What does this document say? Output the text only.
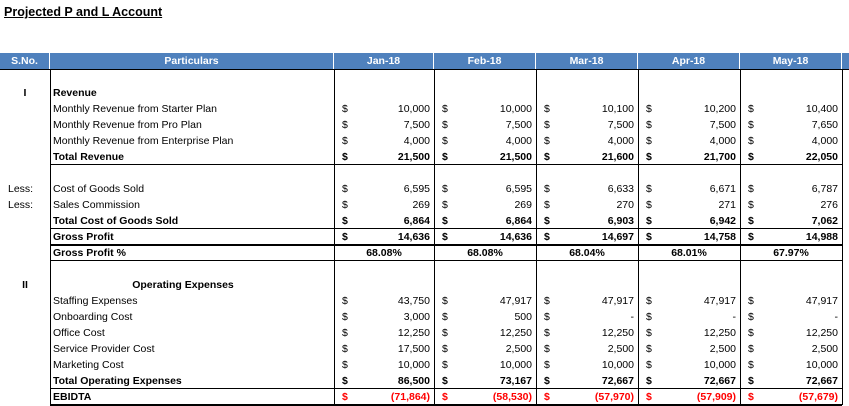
Projected P and L Account
S.No.	Particulars	Jan-18	Feb-18	Mar-18	Apr-18	May-18
I	Revenue
Monthly Revenue from Starter Plan	$	10,000 $	10,000 $	10,100 $	10,200 $	10,400
Monthly Revenue from Pro Plan	$	7,500 $	7,500 $	7,500 $	7,500 $	7,650
Monthly Revenue from Enterprise Plan	$	4,000 $	4,000 $	4,000 $	4,000 $	4,000
Total Revenue	$	21,500 $	21,500 $	21,600 $	21,700 $	22,050
Less:	Cost of Goods Sold	$	6,595 $	6,595 $	6,633 $	6,671 $	6,787
Less:	Sales Commission	$	269 $	269 $	270 $	271 $	276
Total Cost of Goods Sold	$	6,864 $	6,864 $	6,903 $	6,942 $	7,062
Gross Profit	$	14,636 $	14,636 $	14,697 $	14,758 $	14,988
Gross Profit %	68.08%	68.08%	68.04%	68.01%	67.97%
II	Operating Expenses
Staffing Expenses	$	43,750 $	47,917 $	47,917 $	47,917 $	47,917
Onboarding Cost	$	3,000 $	500 $	- $	- $	-
Office Cost	$	12,250 $	12,250 $	12,250 $	12,250 $	12,250
Service Provider Cost	$	17,500 $	2,500 $	2,500 $	2,500 $	2,500
Marketing Cost	$	10,000 $	10,000 $	10,000 $	10,000 $	10,000
Total Operating Expenses	$	86,500 $	73,167 $	72,667 $	72,667 $	72,667
EBIDTA	$	(71,864) $	(58,530) $	(57,970) $	(57,909) $	(57,679)
